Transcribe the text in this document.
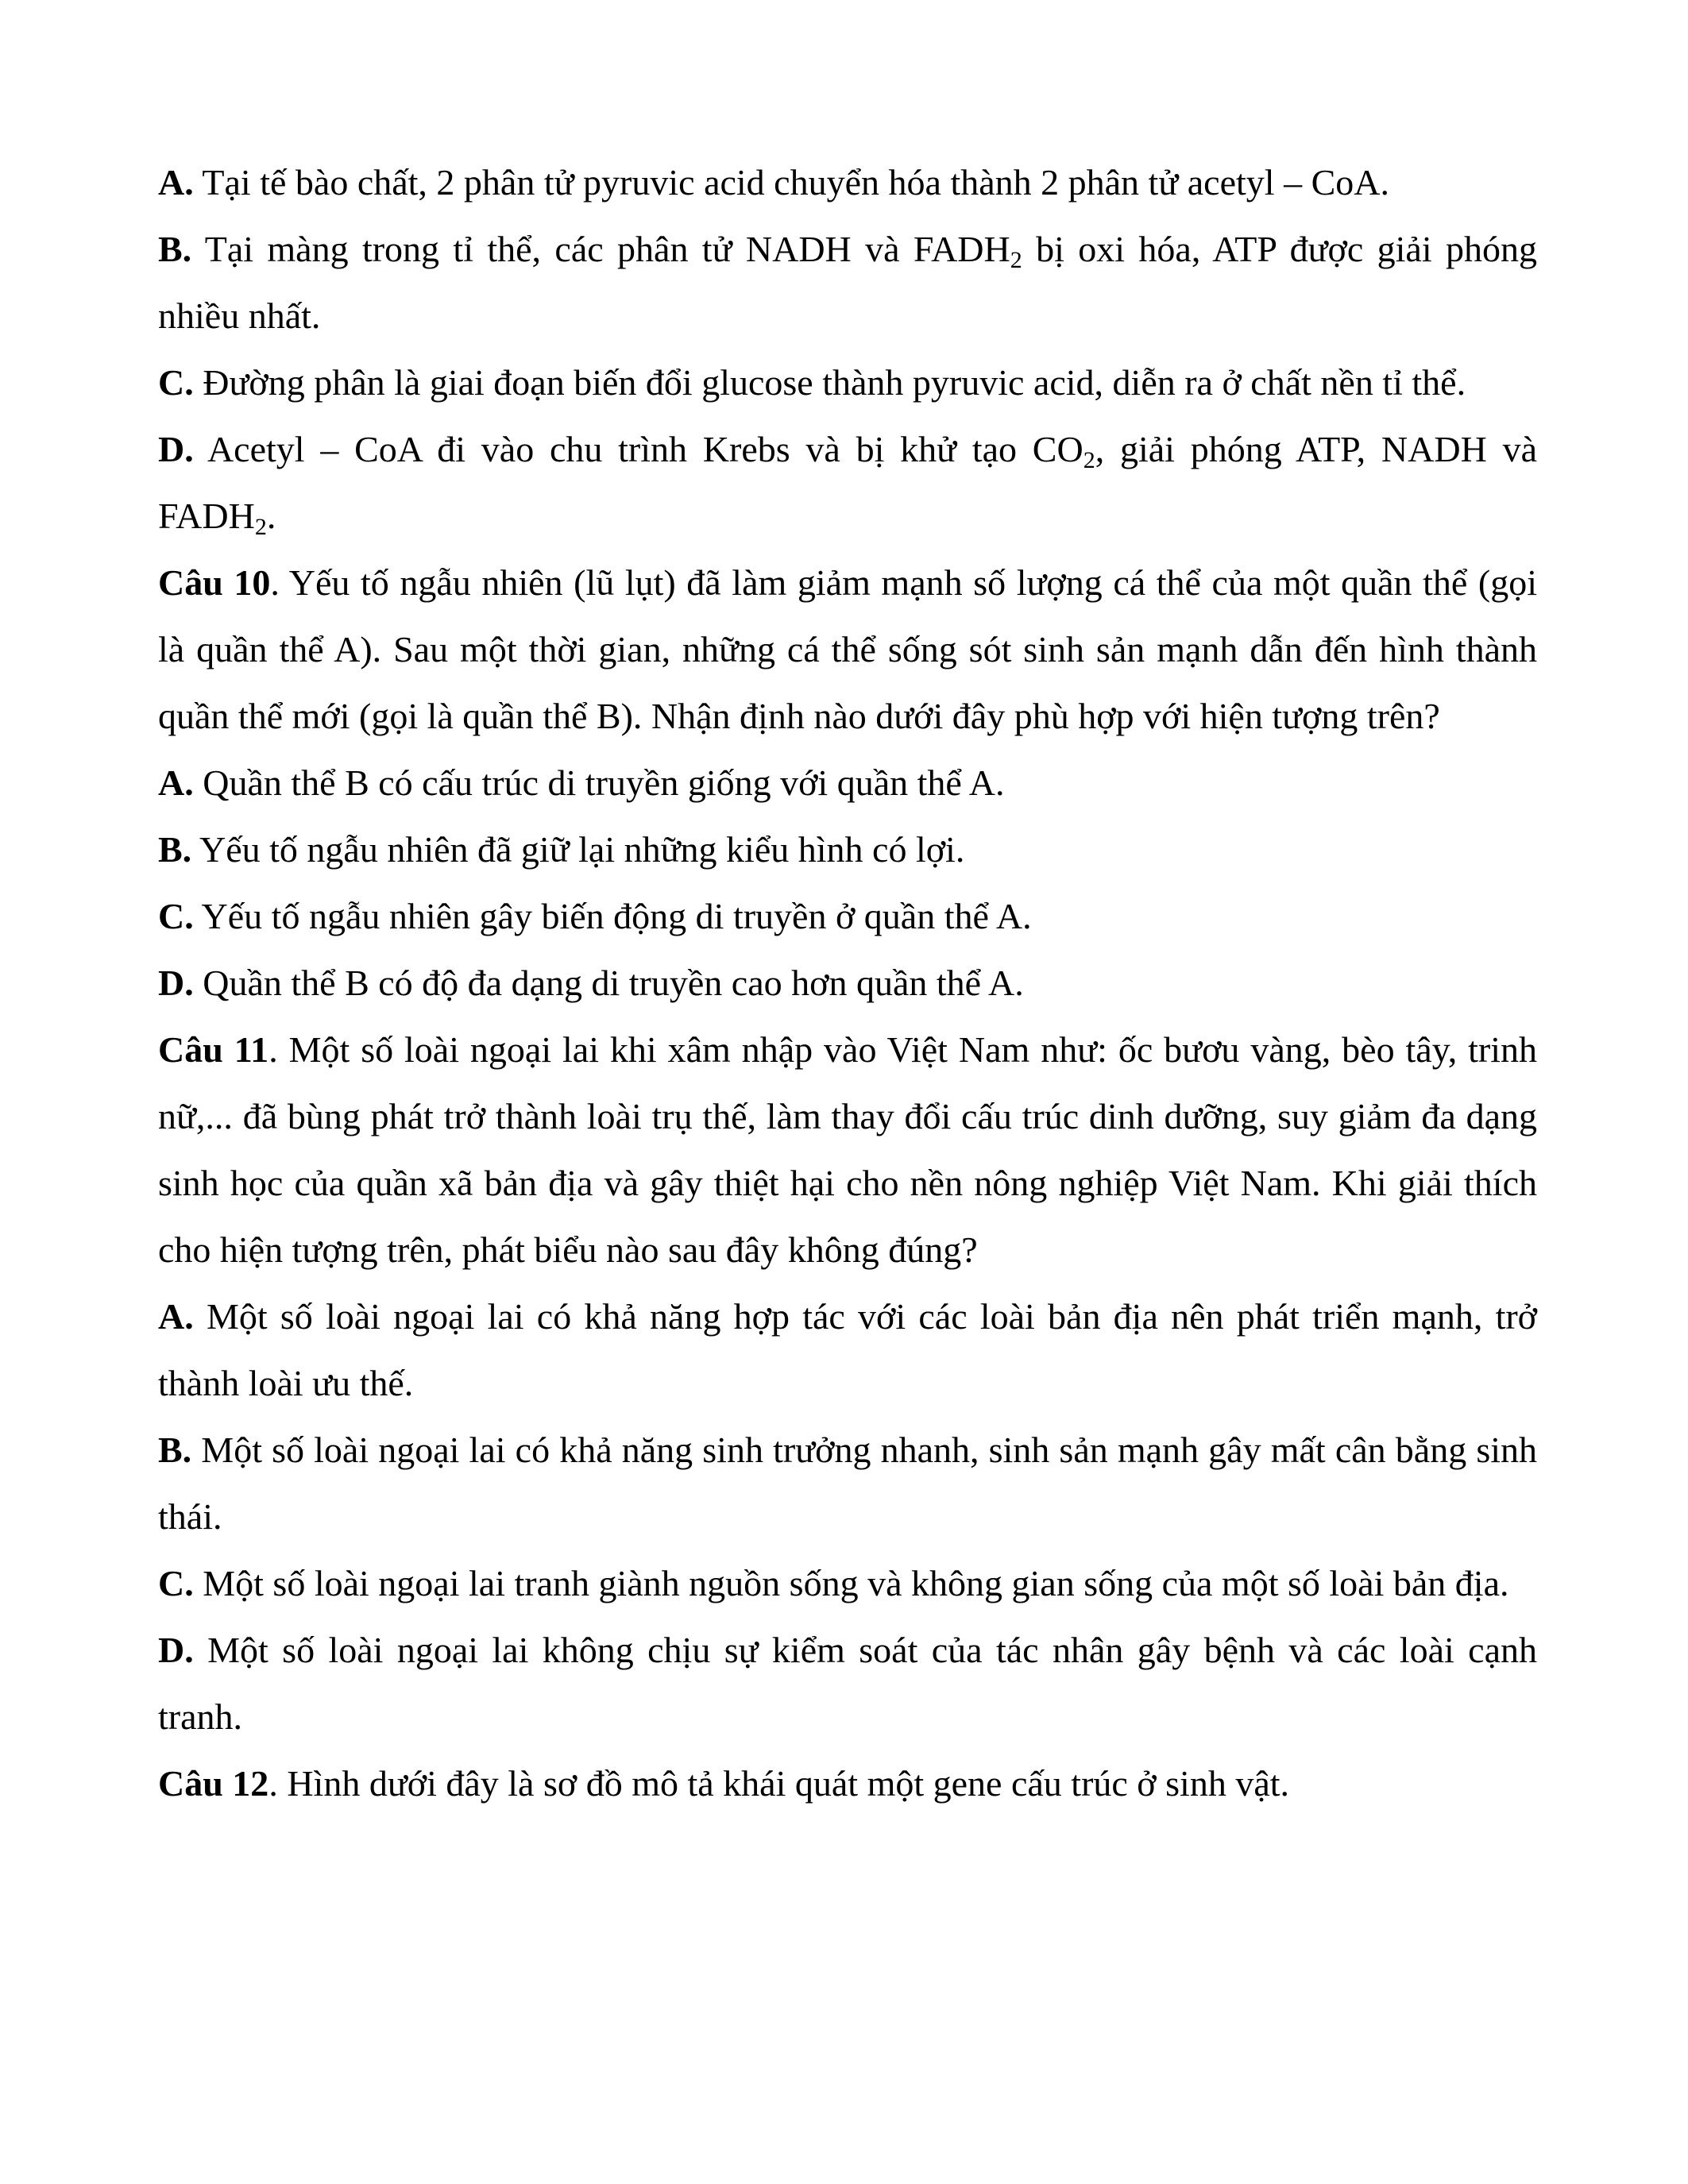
A. Tại tế bào chất, 2 phân tử pyruvic acid chuyển hóa thành 2 phân tử acetyl – CoA.

B. Tại màng trong tỉ thể, các phân tử NADH và $FADH_2$ bị oxi hóa, ATP được giải phóng nhiều nhất.

C. Đường phân là giai đoạn biến đổi glucose thành pyruvic acid, diễn ra ở chất nền tỉ thể.

D. Acetyl – CoA đi vào chu trình Krebs và bị khử tạo $CO_2$, giải phóng ATP, NADH và $FADH_2$.

Câu 10. Yếu tố ngẫu nhiên (lũ lụt) đã làm giảm mạnh số lượng cá thể của một quần thể (gọi là quần thể A). Sau một thời gian, những cá thể sống sót sinh sản mạnh dẫn đến hình thành quần thể mới (gọi là quần thể B). Nhận định nào dưới đây phù hợp với hiện tượng trên?

A. Quần thể B có cấu trúc di truyền giống với quần thể A.

B. Yếu tố ngẫu nhiên đã giữ lại những kiểu hình có lợi.

C. Yếu tố ngẫu nhiên gây biến động di truyền ở quần thể A.

D. Quần thể B có độ đa dạng di truyền cao hơn quần thể A.

Câu 11. Một số loài ngoại lai khi xâm nhập vào Việt Nam như: ốc bươu vàng, bèo tây, trinh nữ,... đã bùng phát trở thành loài trụ thế, làm thay đổi cấu trúc dinh dưỡng, suy giảm đa dạng sinh học của quần xã bản địa và gây thiệt hại cho nền nông nghiệp Việt Nam. Khi giải thích cho hiện tượng trên, phát biểu nào sau đây không đúng?

A. Một số loài ngoại lai có khả năng hợp tác với các loài bản địa nên phát triển mạnh, trở thành loài ưu thế.

B. Một số loài ngoại lai có khả năng sinh trưởng nhanh, sinh sản mạnh gây mất cân bằng sinh thái.

C. Một số loài ngoại lai tranh giành nguồn sống và không gian sống của một số loài bản địa.

D. Một số loài ngoại lai không chịu sự kiểm soát của tác nhân gây bệnh và các loài cạnh tranh.

Câu 12. Hình dưới đây là sơ đồ mô tả khái quát một gene cấu trúc ở sinh vật.
